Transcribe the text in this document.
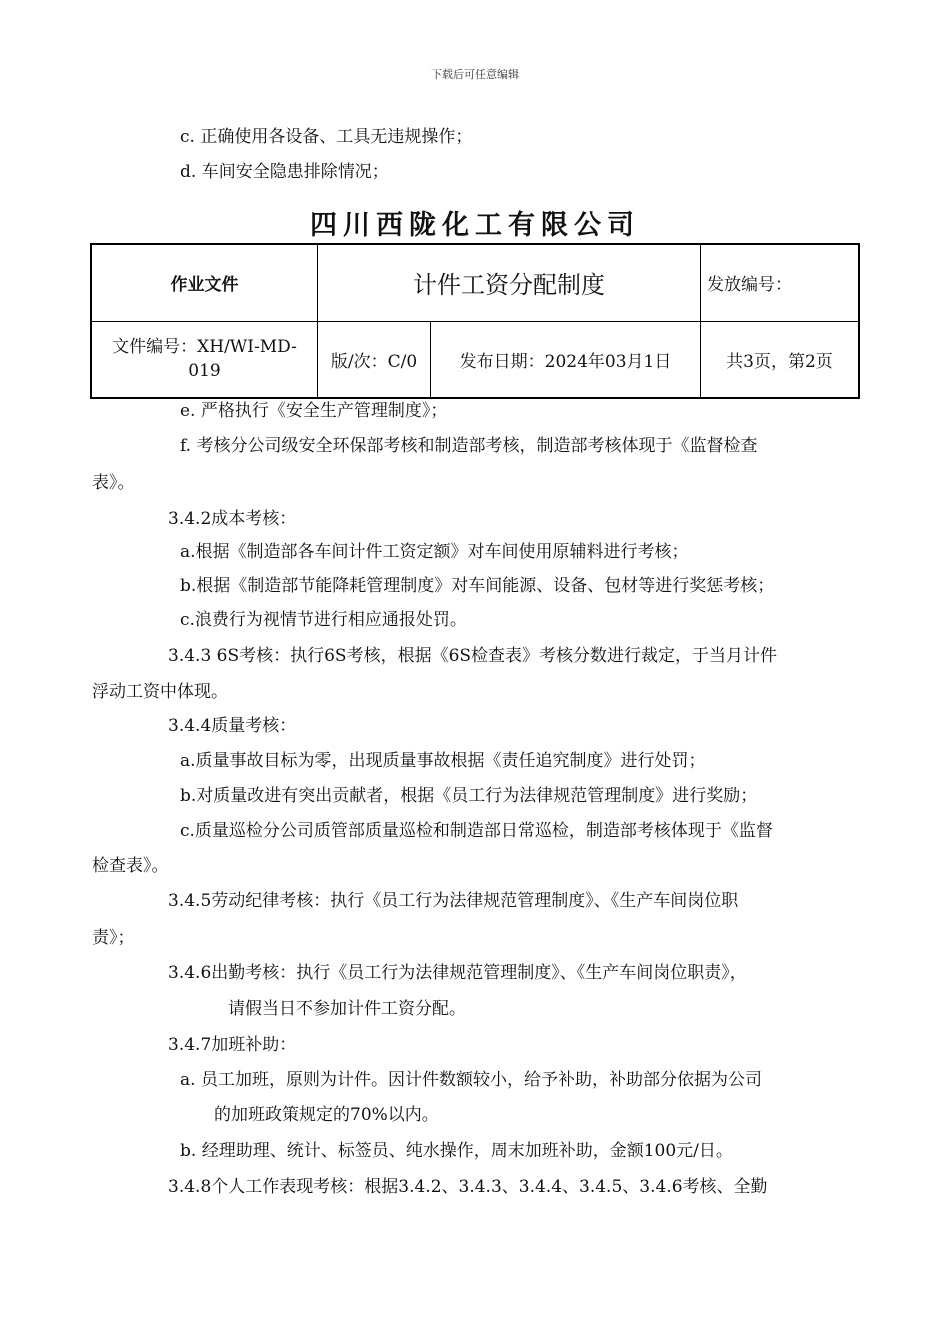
下载后可任意编辑
c. 正确使用各设备、工具无违规操作；
d. 车间安全隐患排除情况；
四川西陇化工有限公司
作业文件	计件工资分配制度		发放编号：
文件编号：XH/WI-MD-019	版/次：C/0	发布日期：2024年03月1日	共3页，第2页
e. 严格执行《安全生产管理制度》；
f. 考核分公司级安全环保部考核和制造部考核，制造部考核体现于《监督检查
表》。
3.4.2成本考核：
a.根据《制造部各车间计件工资定额》对车间使用原辅料进行考核；
b.根据《制造部节能降耗管理制度》对车间能源、设备、包材等进行奖惩考核；
c.浪费行为视情节进行相应通报处罚。
3.4.3 6S考核：执行6S考核，根据《6S检查表》考核分数进行裁定，于当月计件
浮动工资中体现。
3.4.4质量考核：
a.质量事故目标为零，出现质量事故根据《责任追究制度》进行处罚；
b.对质量改进有突出贡献者，根据《员工行为法律规范管理制度》进行奖励；
c.质量巡检分公司质管部质量巡检和制造部日常巡检，制造部考核体现于《监督
检查表》。
3.4.5劳动纪律考核：执行《员工行为法律规范管理制度》、《生产车间岗位职
责》；
3.4.6出勤考核：执行《员工行为法律规范管理制度》、《生产车间岗位职责》，
请假当日不参加计件工资分配。
3.4.7加班补助：
a. 员工加班，原则为计件。因计件数额较小，给予补助，补助部分依据为公司
的加班政策规定的70%以内。
b. 经理助理、统计、标签员、纯水操作，周末加班补助，金额100元/日。
3.4.8个人工作表现考核：根据3.4.2、3.4.3、3.4.4、3.4.5、3.4.6考核、全勤
